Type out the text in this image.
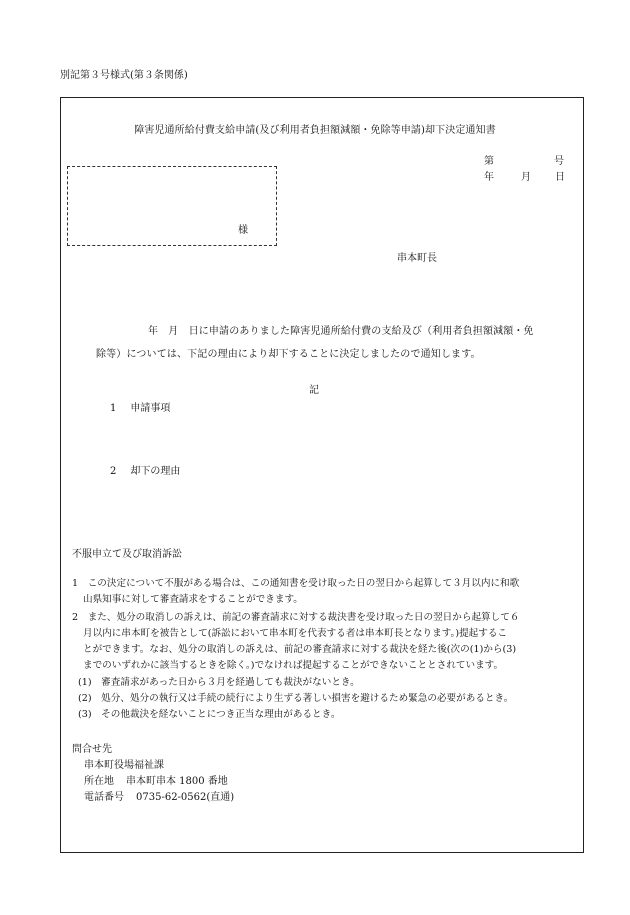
別記第３号様式(第３条関係)
障害児通所給付費支給申請(及び利用者負担額減額・免除等申請)却下決定通知書
第	号
年	月 日
様
串本町長
年　月　日に申請のありました障害児通所給付費の支給及び（利用者負担額減額・免
除等）については、下記の理由により却下することに決定しましたので通知します。
記
1 申請事項
2 却下の理由
不服申立て及び取消訴訟
1　この決定について不服がある場合は、この通知書を受け取った日の翌日から起算して３月以内に和歌
山県知事に対して審査請求をすることができます。
2　また、処分の取消しの訴えは、前記の審査請求に対する裁決書を受け取った日の翌日から起算して６
月以内に串本町を被告として(訴訟において串本町を代表する者は串本町長となります。)提起するこ
とができます。なお、処分の取消しの訴えは、前記の審査請求に対する裁決を経た後(次の(1)から(3)
までのいずれかに該当するときを除く。)でなければ提起することができないこととされています。
(1)　審査請求があった日から３月を経過しても裁決がないとき。
(2)　処分、処分の執行又は手続の続行により生ずる著しい損害を避けるため緊急の必要があるとき。
(3)　その他裁決を経ないことにつき正当な理由があるとき。
問合せ先
串本町役場福祉課
所在地 串本町串本 1800 番地
電話番号 0735-62-0562(直通)
